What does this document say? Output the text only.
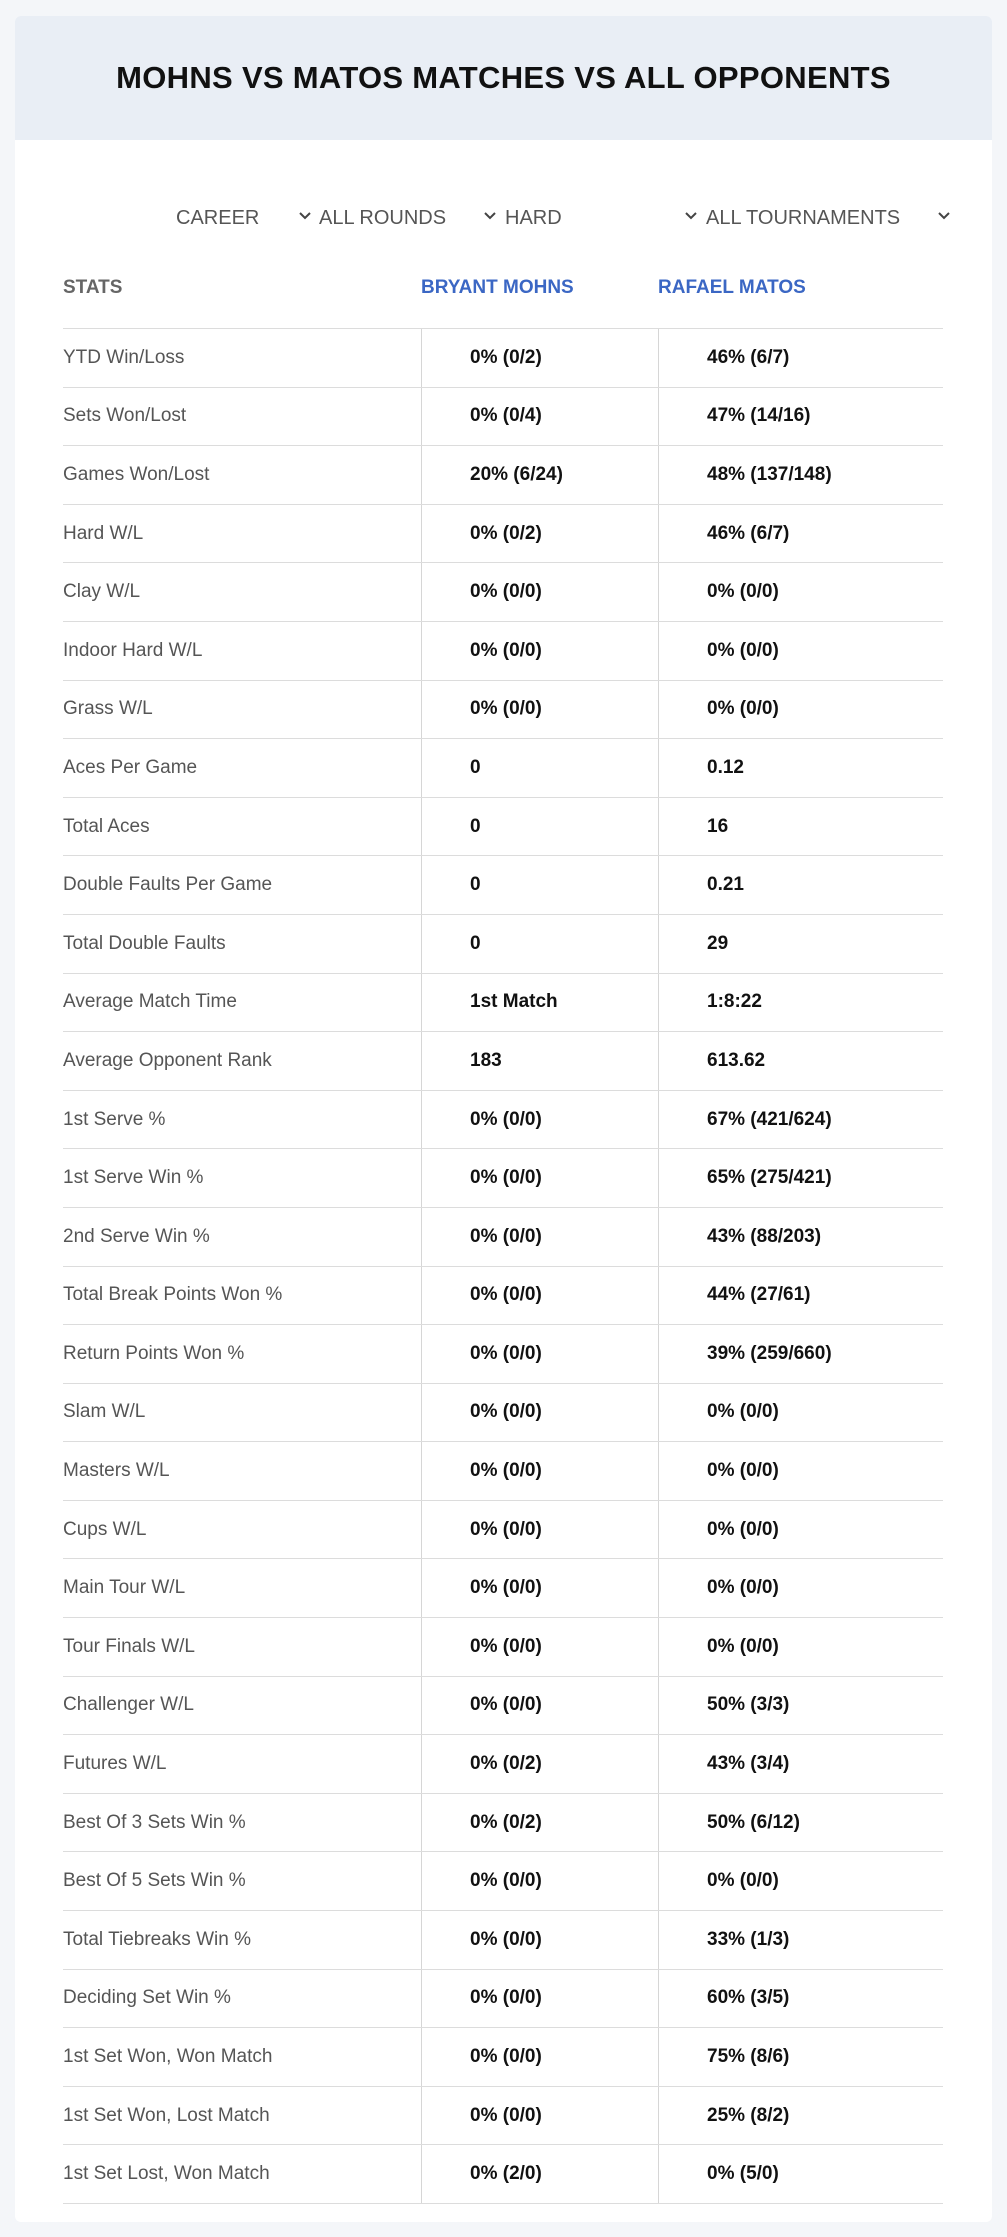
MOHNS VS MATOS MATCHES VS ALL OPPONENTS
CAREER	ALL ROUNDS	HARD	ALL TOURNAMENTS
STATS	BRYANT MOHNS	RAFAEL MATOS
YTD Win/Loss	0% (0/2)	46% (6/7)
Sets Won/Lost	0% (0/4)	47% (14/16)
Games Won/Lost	20% (6/24)	48% (137/148)
Hard W/L	0% (0/2)	46% (6/7)
Clay W/L	0% (0/0)	0% (0/0)
Indoor Hard W/L	0% (0/0)	0% (0/0)
Grass W/L	0% (0/0)	0% (0/0)
Aces Per Game	0	0.12
Total Aces	0	16
Double Faults Per Game	0	0.21
Total Double Faults	0	29
Average Match Time	1st Match	1:8:22
Average Opponent Rank	183	613.62
1st Serve %	0% (0/0)	67% (421/624)
1st Serve Win %	0% (0/0)	65% (275/421)
2nd Serve Win %	0% (0/0)	43% (88/203)
Total Break Points Won %	0% (0/0)	44% (27/61)
Return Points Won %	0% (0/0)	39% (259/660)
Slam W/L	0% (0/0)	0% (0/0)
Masters W/L	0% (0/0)	0% (0/0)
Cups W/L	0% (0/0)	0% (0/0)
Main Tour W/L	0% (0/0)	0% (0/0)
Tour Finals W/L	0% (0/0)	0% (0/0)
Challenger W/L	0% (0/0)	50% (3/3)
Futures W/L	0% (0/2)	43% (3/4)
Best Of 3 Sets Win %	0% (0/2)	50% (6/12)
Best Of 5 Sets Win %	0% (0/0)	0% (0/0)
Total Tiebreaks Win %	0% (0/0)	33% (1/3)
Deciding Set Win %	0% (0/0)	60% (3/5)
1st Set Won, Won Match	0% (0/0)	75% (8/6)
1st Set Won, Lost Match	0% (0/0)	25% (8/2)
1st Set Lost, Won Match	0% (2/0)	0% (5/0)
